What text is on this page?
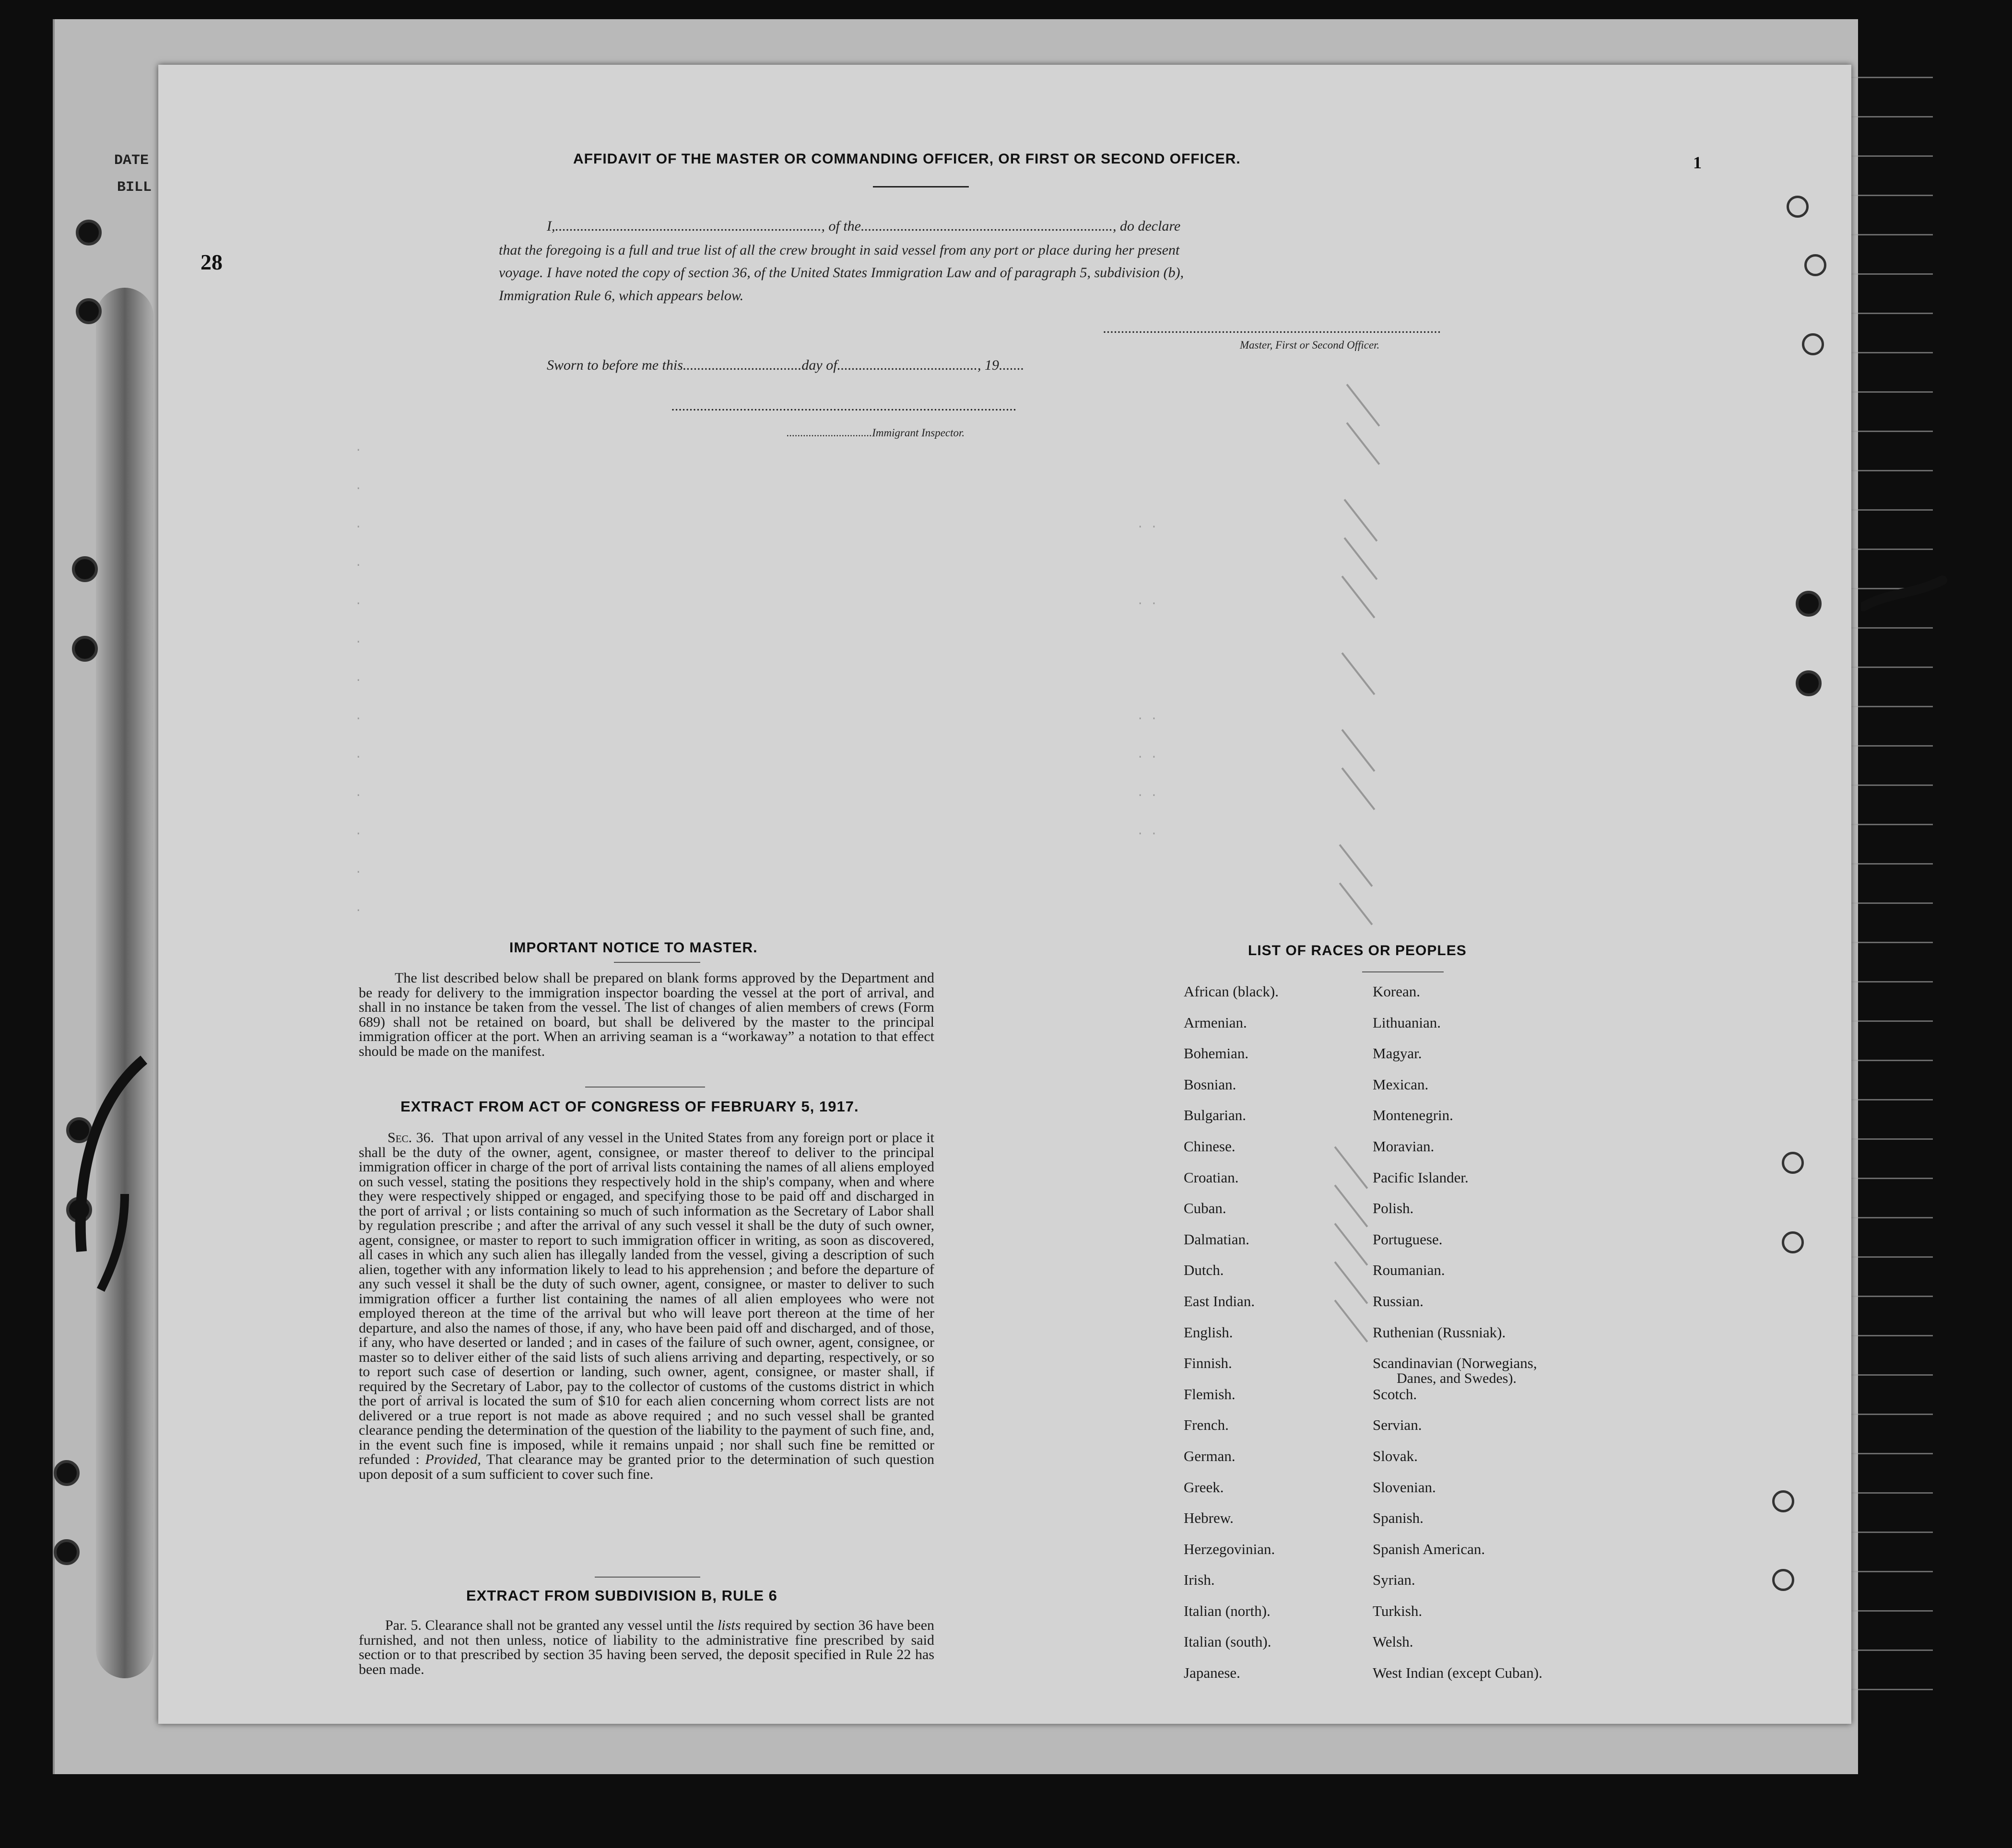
DATE
BILL
28
1
·
·
·
·
·
·
·
·
·
·
·
·
·
· ·

· ·

· ·
· ·
· ·
· ·
AFFIDAVIT OF THE MASTER OR COMMANDING OFFICER, OR FIRST OR SECOND OFFICER.
I,.........................................................................., of the......................................................................, do declare
that the foregoing is a full and true list of all the crew brought in said vessel from any port or place during her present
voyage. I have noted the copy of section 36, of the United States Immigration Law and of paragraph 5, subdivision (b),
Immigration Rule 6, which appears below.
..............................................................................................
Master, First or Second Officer.
Sworn to before me this.................................day of......................................., 19.......
................................................................................................
...............................Immigrant Inspector.
IMPORTANT NOTICE TO MASTER.
The list described below shall be prepared on blank forms approved by the Department and be ready for delivery to the immigration inspector boarding the vessel at the port of arrival, and shall in no instance be taken from the vessel. The list of changes of alien members of crews (Form 689) shall not be retained on board, but shall be delivered by the master to the principal immigration officer at the port. When an arriving seaman is a “workaway” a notation to that effect should be made on the manifest.
EXTRACT FROM ACT OF CONGRESS OF FEBRUARY 5, 1917.

Sec. 36. That upon arrival of any vessel in the United States from any foreign port or place it shall be the duty of the owner, agent, consignee, or master thereof to deliver to the principal immigration officer in charge of the port of arrival lists containing the names of all aliens employed on such vessel, stating the positions they respectively hold in the ship's company, when and where they were respectively shipped or engaged, and specifying those to be paid off and discharged in the port of arrival ; or lists containing so much of such information as the Secretary of Labor shall by regulation prescribe ; and after the arrival of any such vessel it shall be the duty of such owner, agent, consignee, or master to report to such immigration officer in writing, as soon as discovered, all cases in which any such alien has illegally landed from the vessel, giving a description of such alien, together with any information likely to lead to his apprehension ; and before the departure of any such vessel it shall be the duty of such owner, agent, consignee, or master to deliver to such immigration officer a further list containing the names of all alien employees who were not employed thereon at the time of the arrival but who will leave port thereon at the time of her departure, and also the names of those, if any, who have been paid off and discharged, and of those, if any, who have deserted or landed ; and in cases of the failure of such owner, agent, consignee, or master so to deliver either of the said lists of such aliens arriving and departing, respectively, or so to report such case of desertion or landing, such owner, agent, consignee, or master shall, if required by the Secretary of Labor, pay to the collector of customs of the customs district in which the port of arrival is located the sum of $10 for each alien concerning whom correct lists are not delivered or a true report is not made as above required ; and no such vessel shall be granted clearance pending the determination of the question of the liability to the payment of such fine, and, in the event such fine is imposed, while it remains unpaid ; nor shall such fine be remitted or refunded : Provided, That clearance may be granted prior to the determination of such question upon deposit of a sum sufficient to cover such fine.

EXTRACT FROM SUBDIVISION B, RULE 6
Par. 5. Clearance shall not be granted any vessel until the lists required by section 36 have been furnished, and not then unless, notice of liability to the administrative fine prescribed by said section or to that prescribed by section 35 having been served, the deposit specified in Rule 22 has been made.
LIST OF RACES OR PEOPLES
African (black).
Armenian.
Bohemian.
Bosnian.
Bulgarian.
Chinese.
Croatian.
Cuban.
Dalmatian.
Dutch.
East Indian.
English.
Finnish.
Flemish.
French.
German.
Greek.
Hebrew.
Herzegovinian.
Irish.
Italian (north).
Italian (south).
Japanese.
Korean.
Lithuanian.
Magyar.
Mexican.
Montenegrin.
Moravian.
Pacific Islander.
Polish.
Portuguese.
Roumanian.
Russian.
Ruthenian (Russniak).
Scandinavian (Norwegians,
Danes, and Swedes).
Scotch.
Servian.
Slovak.
Slovenian.
Spanish.
Spanish American.
Syrian.
Turkish.
Welsh.
West Indian (except Cuban).
